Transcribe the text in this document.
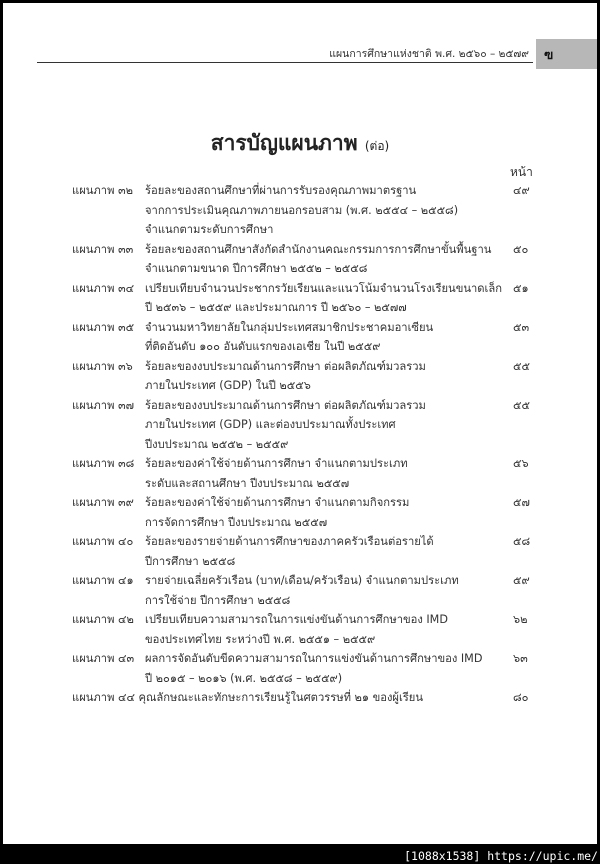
แผนการศึกษาแห่งชาติ พ.ศ. ๒๕๖๐ – ๒๕๗๙ ฃ
สารบัญแผนภาพ (ต่อ)
หน้า
แผนภาพ ๓๒ ร้อยละของสถานศึกษาที่ผ่านการรับรองคุณภาพมาตรฐาน
จากการประเมินคุณภาพภายนอกรอบสาม (พ.ศ. ๒๕๕๔ – ๒๕๕๘)
จำแนกตามระดับการศึกษา
๔๙
แผนภาพ ๓๓ ร้อยละของสถานศึกษาสังกัดสำนักงานคณะกรรมการการศึกษาขั้นพื้นฐาน
จำแนกตามขนาด ปีการศึกษา ๒๕๕๒ – ๒๕๕๘
๕๐
แผนภาพ ๓๔ เปรียบเทียบจำนวนประชากรวัยเรียนและแนวโน้มจำนวนโรงเรียนขนาดเล็ก
ปี ๒๕๓๖ – ๒๕๕๙ และประมาณการ ปี ๒๕๖๐ – ๒๕๗๗
๕๑
แผนภาพ ๓๕ จำนวนมหาวิทยาลัยในกลุ่มประเทศสมาชิกประชาคมอาเซียน
ที่ติดอันดับ ๑๐๐ อันดับแรกของเอเชีย ในปี ๒๕๕๙
๕๓
แผนภาพ ๓๖ ร้อยละของงบประมาณด้านการศึกษา ต่อผลิตภัณฑ์มวลรวม
ภายในประเทศ (GDP) ในปี ๒๕๕๖
๕๕
แผนภาพ ๓๗ ร้อยละของงบประมาณด้านการศึกษา ต่อผลิตภัณฑ์มวลรวม
ภายในประเทศ (GDP) และต่องบประมาณทั้งประเทศ
ปีงบประมาณ ๒๕๕๒ – ๒๕๕๙
๕๕
แผนภาพ ๓๘ ร้อยละของค่าใช้จ่ายด้านการศึกษา จำแนกตามประเภท
ระดับและสถานศึกษา ปีงบประมาณ ๒๕๕๗
๕๖
แผนภาพ ๓๙ ร้อยละของค่าใช้จ่ายด้านการศึกษา จำแนกตามกิจกรรม
การจัดการศึกษา ปีงบประมาณ ๒๕๕๗
๕๗
แผนภาพ ๔๐ ร้อยละของรายจ่ายด้านการศึกษาของภาคครัวเรือนต่อรายได้
ปีการศึกษา ๒๕๕๘
๕๘
แผนภาพ ๔๑ รายจ่ายเฉลี่ยครัวเรือน (บาท/เดือน/ครัวเรือน) จำแนกตามประเภท
การใช้จ่าย ปีการศึกษา ๒๕๕๘
๕๙
แผนภาพ ๔๒ เปรียบเทียบความสามารถในการแข่งขันด้านการศึกษาของ IMD
ของประเทศไทย ระหว่างปี พ.ศ. ๒๕๕๑ – ๒๕๕๙
๖๒
แผนภาพ ๔๓ ผลการจัดอันดับขีดความสามารถในการแข่งขันด้านการศึกษาของ IMD
ปี ๒๐๑๕ – ๒๐๑๖ (พ.ศ. ๒๕๕๘ – ๒๕๕๙)
๖๓
แผนภาพ ๔๔ คุณลักษณะและทักษะการเรียนรู้ในศตวรรษที่ ๒๑ ของผู้เรียน	๘๐
[1088x1538] https://upic.me/
